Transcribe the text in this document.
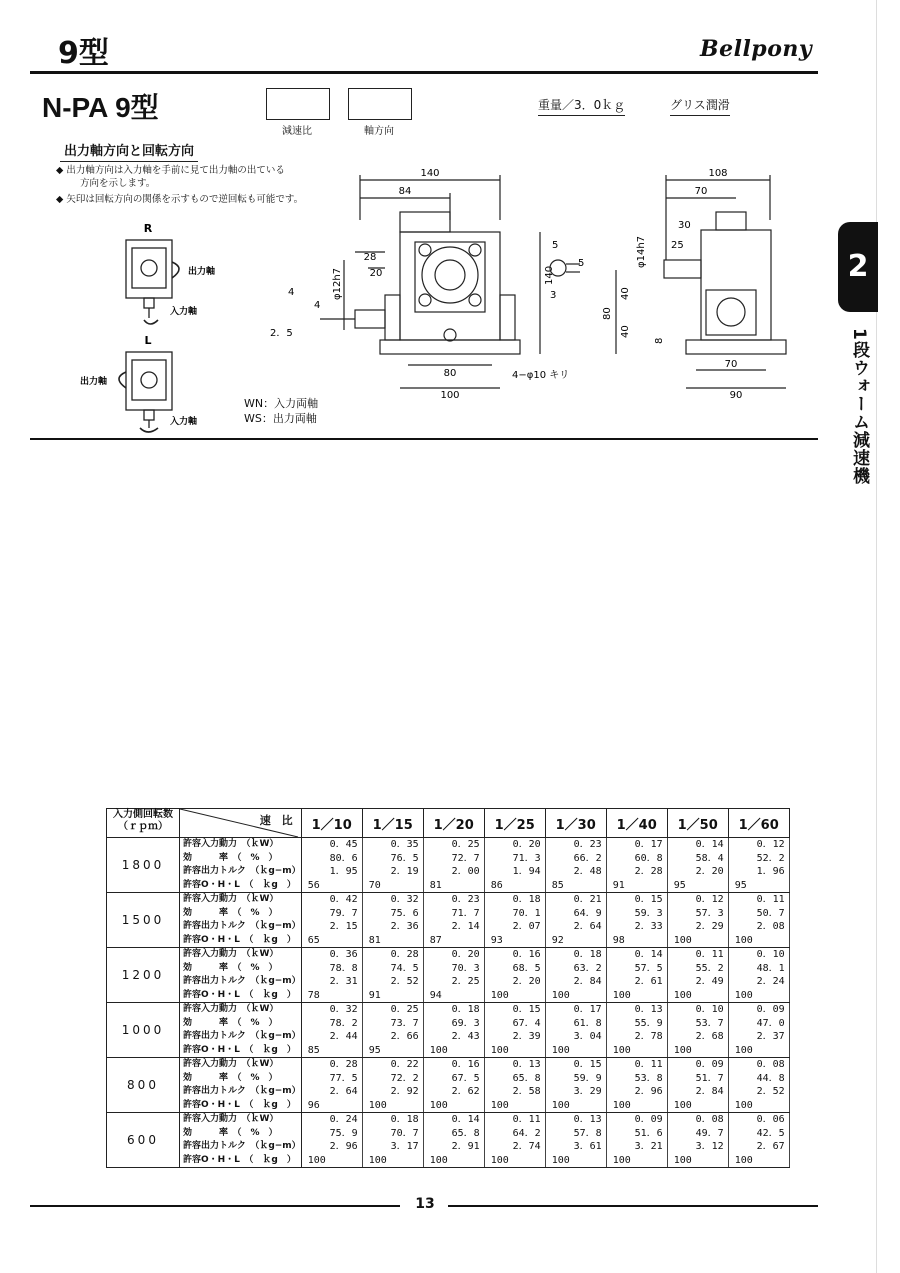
9型	Bellpony
N-PA 9型
減速比	軸方向
重量／3．0ｋｇ	グリス潤滑
出力軸方向と回転方向
◆ 出力軸方向は入力軸を手前に見て出力軸の出ている
方向を示します。
◆ 矢印は回転方向の関係を示すもので逆回転も可能です。
R
出力軸
入力軸
L
出力軸
入力軸
140
84
28
20
φ12h7
4
4
2．5
140
80
100
4−φ10 キリ
5
5
3
108
70
30
25
φ14h7
40
40
80
8
70
90
WN：入力両軸
WS：出力両軸
2
1段ウォーム減速機
入力側回転数
（ｒｐｍ）	速　比	1／10	1／15	1／20	1／25	1／30	1／40	1／50	1／60
1800	許容入力動力　（ｋW）	0．45	0．35	0．25	0．20	0．23	0．17	0．14	0．12
	効　　　率　（　%　）	80．6	76．5	72．7	71．3	66．2	60．8	58．4	52．2
	許容出力トルク　（ｋg−m）	1．95	2．19	2．00	1．94	2．48	2．28	2．20	1．96
	許容O・H・L　（　ｋg　）	56	70	81	86	85	91	95	95
1500	許容入力動力　（ｋW）	0．42	0．32	0．23	0．18	0．21	0．15	0．12	0．11
	効　　　率　（　%　）	79．7	75．6	71．7	70．1	64．9	59．3	57．3	50．7
	許容出力トルク　（ｋg−m）	2．15	2．36	2．14	2．07	2．64	2．33	2．29	2．08
	許容O・H・L　（　ｋg　）	65	81	87	93	92	98	100	100
1200	許容入力動力　（ｋW）	0．36	0．28	0．20	0．16	0．18	0．14	0．11	0．10
	効　　　率　（　%　）	78．8	74．5	70．3	68．5	63．2	57．5	55．2	48．1
	許容出力トルク　（ｋg−m）	2．31	2．52	2．25	2．20	2．84	2．61	2．49	2．24
	許容O・H・L　（　ｋg　）	78	91	94	100	100	100	100	100
1000	許容入力動力　（ｋW）	0．32	0．25	0．18	0．15	0．17	0．13	0．10	0．09
	効　　　率　（　%　）	78．2	73．7	69．3	67．4	61．8	55．9	53．7	47．0
	許容出力トルク　（ｋg−m）	2．44	2．66	2．43	2．39	3．04	2．78	2．68	2．37
	許容O・H・L　（　ｋg　）	85	95	100	100	100	100	100	100
800	許容入力動力　（ｋW）	0．28	0．22	0．16	0．13	0．15	0．11	0．09	0．08
	効　　　率　（　%　）	77．5	72．2	67．5	65．8	59．9	53．8	51．7	44．8
	許容出力トルク　（ｋg−m）	2．64	2．92	2．62	2．58	3．29	2．96	2．84	2．52
	許容O・H・L　（　ｋg　）	96	100	100	100	100	100	100	100
600	許容入力動力　（ｋW）	0．24	0．18	0．14	0．11	0．13	0．09	0．08	0．06
	効　　　率　（　%　）	75．9	70．7	65．8	64．2	57．8	51．6	49．7	42．5
	許容出力トルク　（ｋg−m）	2．96	3．17	2．91	2．74	3．61	3．21	3．12	2．67
	許容O・H・L　（　ｋg　）	100	100	100	100	100	100	100	100
13
